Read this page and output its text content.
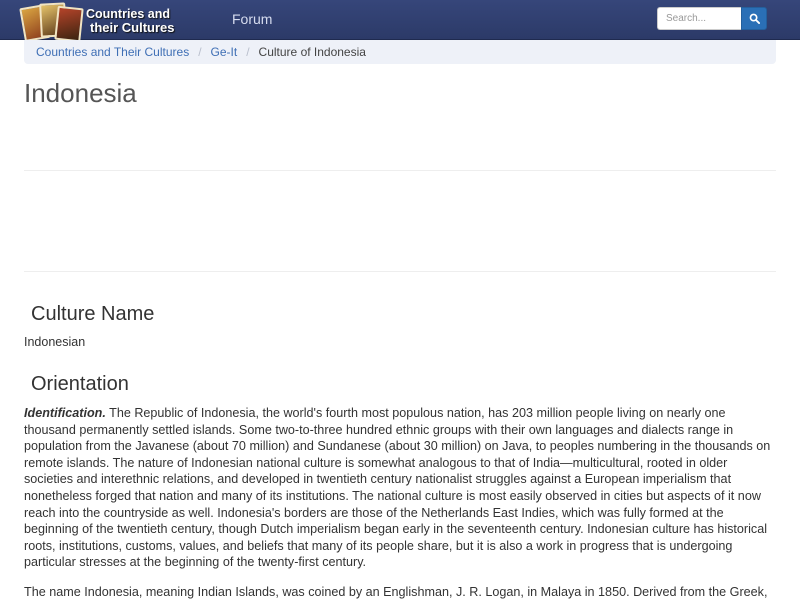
Countries and
their Cultures
Forum
Search...
Countries and Their Cultures / Ge-It / Culture of Indonesia
Indonesia
Culture Name

Indonesian

Orientation

Identification. The Republic of Indonesia, the world's fourth most populous nation, has 203 million people living on nearly one thousand permanently settled islands. Some two-to-three hundred ethnic groups with their own languages and dialects range in population from the Javanese (about 70 million) and Sundanese (about 30 million) on Java, to peoples numbering in the thousands on remote islands. The nature of Indonesian national culture is somewhat analogous to that of India—multicultural, rooted in older societies and interethnic relations, and developed in twentieth century nationalist struggles against a European imperialism that nonetheless forged that nation and many of its institutions. The national culture is most easily observed in cities but aspects of it now reach into the countryside as well. Indonesia's borders are those of the Netherlands East Indies, which was fully formed at the beginning of the twentieth century, though Dutch imperialism began early in the seventeenth century. Indonesian culture has historical roots, institutions, customs, values, and beliefs that many of its people share, but it is also a work in progress that is undergoing particular stresses at the beginning of the twenty-first century.

The name Indonesia, meaning Indian Islands, was coined by an Englishman, J. R. Logan, in Malaya in 1850. Derived from the Greek,
